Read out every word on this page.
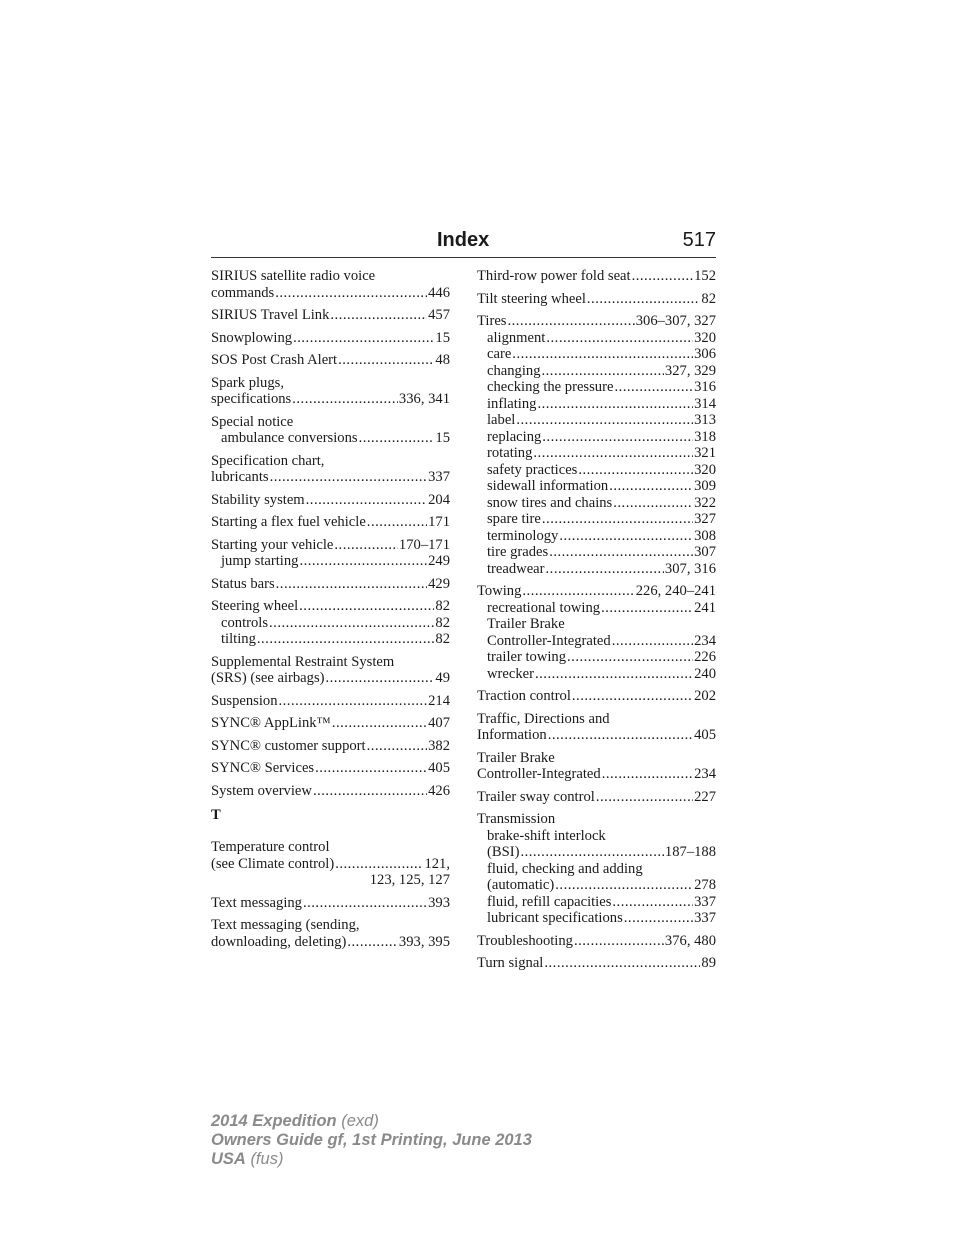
Index	517
SIRIUS satellite radio voice
commands .....	446
SIRIUS Travel Link .....	457
Snowplowing .....	15
SOS Post Crash Alert .....	48
Spark plugs,
specifications .....	336, 341
Special notice
ambulance conversions .....	15
Specification chart,
lubricants .....	337
Stability system .....	204
Starting a flex fuel vehicle .....	171
Starting your vehicle .....	170–171
jump starting .....	249
Status bars .....	429
Steering wheel .....	82
controls .....	82
tilting .....	82
Supplemental Restraint System
(SRS) (see airbags) .....	49
Suspension .....	214
SYNC® AppLink™ .....	407
SYNC® customer support .....	382
SYNC® Services .....	405
System overview .....	426
T
Temperature control
(see Climate control) .....	121,
123, 125, 127
Text messaging .....	393
Text messaging (sending,
downloading, deleting) .....	393, 395
Third-row power fold seat .....	152
Tilt steering wheel .....	82
Tires .....	306–307, 327
alignment .....	320
care .....	306
changing .....	327, 329
checking the pressure .....	316
inflating .....	314
label .....	313
replacing .....	318
rotating .....	321
safety practices .....	320
sidewall information .....	309
snow tires and chains .....	322
spare tire .....	327
terminology .....	308
tire grades .....	307
treadwear .....	307, 316
Towing .....	226, 240–241
recreational towing .....	241
Trailer Brake
Controller-Integrated .....	234
trailer towing .....	226
wrecker .....	240
Traction control .....	202
Traffic, Directions and
Information .....	405
Trailer Brake
Controller-Integrated .....	234
Trailer sway control .....	227
Transmission
brake-shift interlock
(BSI) .....	187–188
fluid, checking and adding
(automatic) .....	278
fluid, refill capacities .....	337
lubricant specifications .....	337
Troubleshooting .....	376, 480
Turn signal .....	89
2014 Expedition (exd)
Owners Guide gf, 1st Printing, June 2013
USA (fus)
